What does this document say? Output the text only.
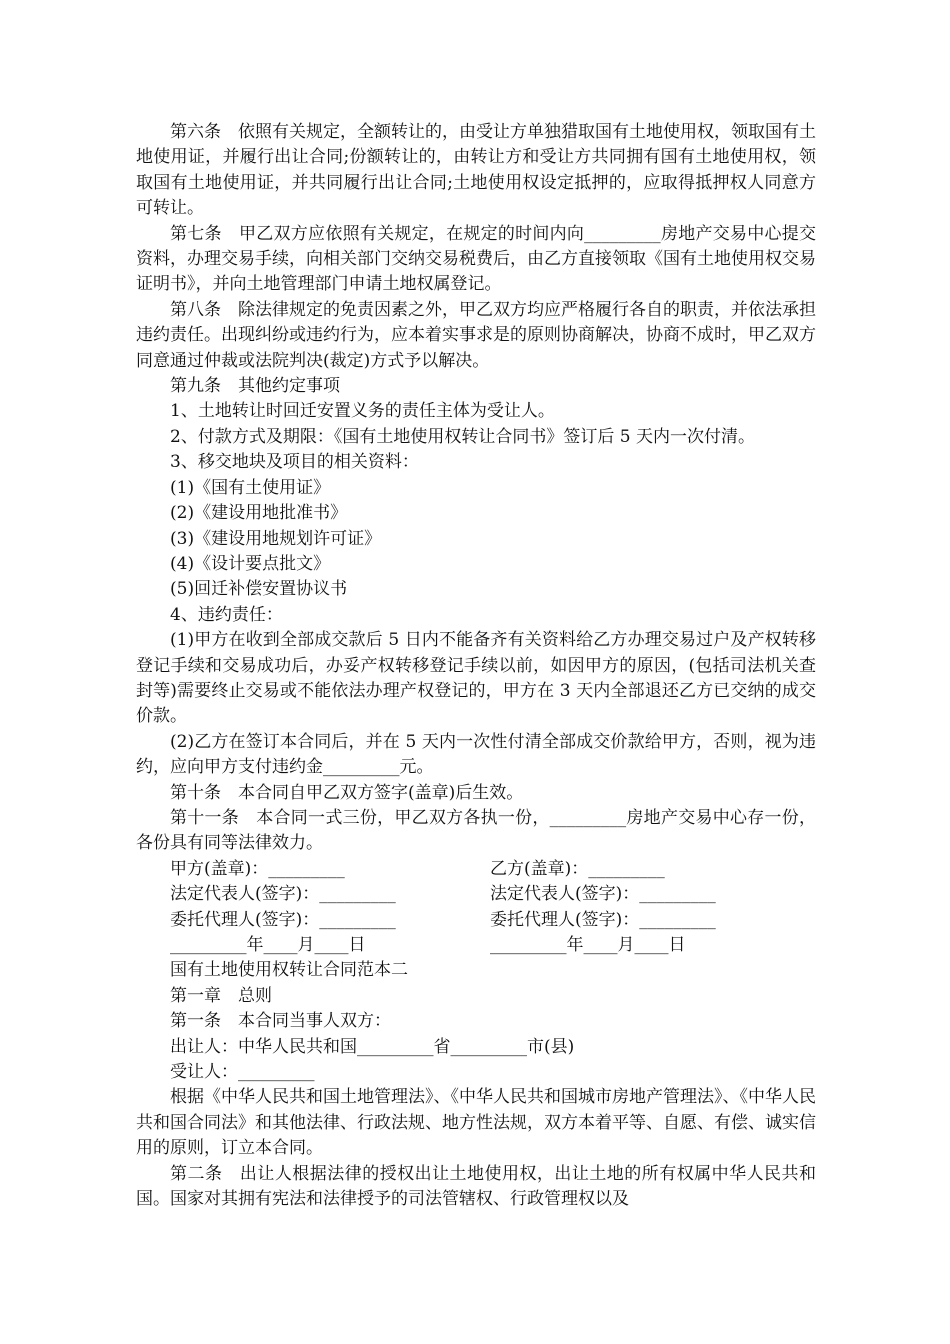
第六条　依照有关规定，全额转让的，由受让方单独猎取国有土地使用权，领取国有土地使用证，并履行出让合同;份额转让的，由转让方和受让方共同拥有国有土地使用权，领取国有土地使用证，并共同履行出让合同;土地使用权设定抵押的，应取得抵押权人同意方可转让。

第七条　甲乙双方应依照有关规定，在规定的时间内向_________房地产交易中心提交资料，办理交易手续，向相关部门交纳交易税费后，由乙方直接领取《国有土地使用权交易证明书》，并向土地管理部门申请土地权属登记。

第八条　除法律规定的免责因素之外，甲乙双方均应严格履行各自的职责，并依法承担违约责任。出现纠纷或违约行为，应本着实事求是的原则协商解决，协商不成时，甲乙双方同意通过仲裁或法院判决(裁定)方式予以解决。

第九条　其他约定事项

1、土地转让时回迁安置义务的责任主体为受让人。

2、付款方式及期限：《国有土地使用权转让合同书》签订后 5 天内一次付清。

3、移交地块及项目的相关资料：

(1)《国有土使用证》

(2)《建设用地批准书》

(3)《建设用地规划许可证》

(4)《设计要点批文》

(5)回迁补偿安置协议书

4、违约责任：

(1)甲方在收到全部成交款后 5 日内不能备齐有关资料给乙方办理交易过户及产权转移登记手续和交易成功后，办妥产权转移登记手续以前，如因甲方的原因，(包括司法机关查封等)需要终止交易或不能依法办理产权登记的，甲方在 3 天内全部退还乙方已交纳的成交价款。

(2)乙方在签订本合同后，并在 5 天内一次性付清全部成交价款给甲方，否则，视为违约，应向甲方支付违约金_________元。

第十条　本合同自甲乙双方签字(盖章)后生效。

第十一条　本合同一式三份，甲乙双方各执一份，_________房地产交易中心存一份，各份具有同等法律效力。

甲方(盖章)：_________	乙方(盖章)：_________
法定代表人(签字)：_________	法定代表人(签字)：_________
委托代理人(签字)：_________	委托代理人(签字)：_________
_________年____月____日	_________年____月____日

国有土地使用权转让合同范本二

第一章　总则

第一条　本合同当事人双方：

出让人：中华人民共和国_________省_________市(县)

受让人：_________

根据《中华人民共和国土地管理法》、《中华人民共和国城市房地产管理法》、《中华人民共和国合同法》和其他法律、行政法规、地方性法规，双方本着平等、自愿、有偿、诚实信用的原则，订立本合同。

第二条　出让人根据法律的授权出让土地使用权，出让土地的所有权属中华人民共和国。国家对其拥有宪法和法律授予的司法管辖权、行政管理权以及
